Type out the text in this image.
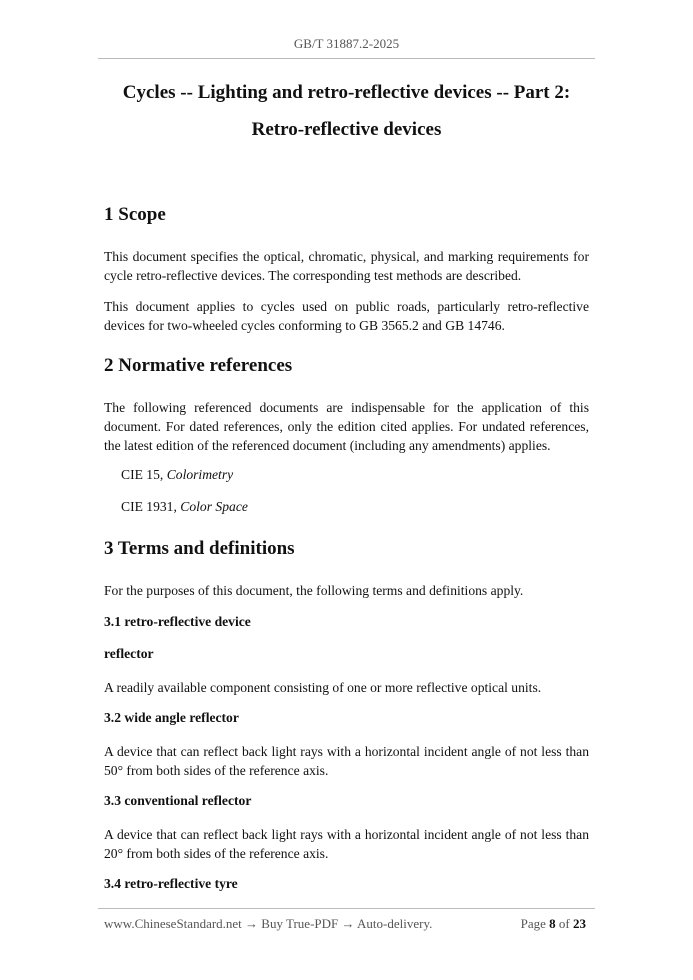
GB/T 31887.2-2025
Cycles -- Lighting and retro-reflective devices -- Part 2:
Retro-reflective devices
1 Scope

This document specifies the optical, chromatic, physical, and marking requirements for cycle retro-reflective devices. The corresponding test methods are described.

This document applies to cycles used on public roads, particularly retro-reflective devices for two-wheeled cycles conforming to GB 3565.2 and GB 14746.

2 Normative references

The following referenced documents are indispensable for the application of this document. For dated references, only the edition cited applies. For undated references, the latest edition of the referenced document (including any amendments) applies.

CIE 15, Colorimetry
CIE 1931, Color Space
3 Terms and definitions

For the purposes of this document, the following terms and definitions apply.

3.1 retro-reflective device
reflector

A readily available component consisting of one or more reflective optical units.

3.2 wide angle reflector

A device that can reflect back light rays with a horizontal incident angle of not less than 50° from both sides of the reference axis.

3.3 conventional reflector

A device that can reflect back light rays with a horizontal incident angle of not less than 20° from both sides of the reference axis.

3.4 retro-reflective tyre
www.ChineseStandard.net → Buy True-PDF → Auto-delivery.	Page 8 of 23
